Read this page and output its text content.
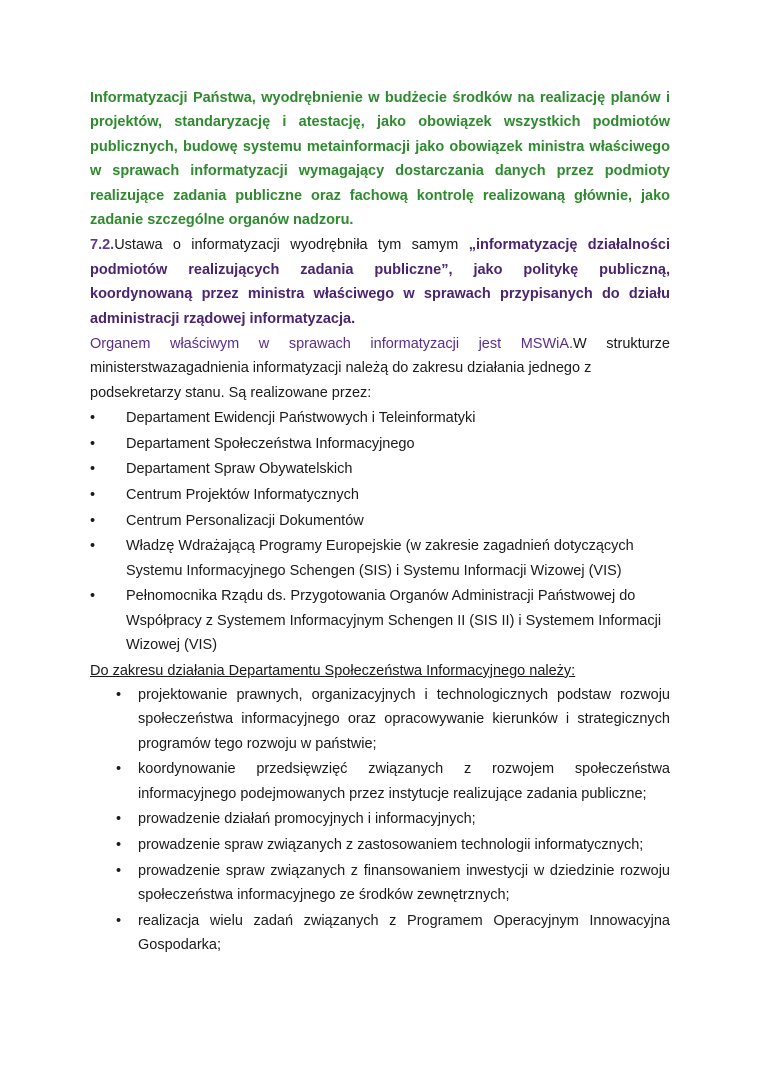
Informatyzacji Państwa, wyodrębnienie w budżecie środków na realizację planów i projektów, standaryzację i atestację, jako obowiązek wszystkich podmiotów publicznych, budowę systemu metainformacji jako obowiązek ministra właściwego w sprawach informatyzacji wymagający dostarczania danych przez podmioty realizujące zadania publiczne oraz fachową kontrolę realizowaną głównie, jako zadanie szczególne organów nadzoru.

7.2.Ustawa o informatyzacji wyodrębniła tym samym „informatyzację działalności podmiotów realizujących zadania publiczne”, jako politykę publiczną, koordynowaną przez ministra właściwego w sprawach przypisanych do działu administracji rządowej informatyzacja.

Organem właściwym w sprawach informatyzacji jest MSWiA.W strukturze

ministerstwazagadnienia informatyzacji należą do zakresu działania jednego z podsekretarzy stanu. Są realizowane przez:

• Departament Ewidencji Państwowych i Teleinformatyki
• Departament Społeczeństwa Informacyjnego
• Departament Spraw Obywatelskich
• Centrum Projektów Informatycznych
• Centrum Personalizacji Dokumentów
• Władzę Wdrażającą Programy Europejskie (w zakresie zagadnień dotyczących Systemu Informacyjnego Schengen (SIS) i Systemu Informacji Wizowej (VIS)
• Pełnomocnika Rządu ds. Przygotowania Organów Administracji Państwowej do Współpracy z Systemem Informacyjnym Schengen II (SIS II) i Systemem Informacji Wizowej (VIS)

Do zakresu działania Departamentu Społeczeństwa Informacyjnego należy:

• projektowanie prawnych, organizacyjnych i technologicznych podstaw rozwoju społeczeństwa informacyjnego oraz opracowywanie kierunków i strategicznych programów tego rozwoju w państwie;
• koordynowanie przedsięwzięć związanych z rozwojem społeczeństwa informacyjnego podejmowanych przez instytucje realizujące zadania publiczne;
• prowadzenie działań promocyjnych i informacyjnych;
• prowadzenie spraw związanych z zastosowaniem technologii informatycznych;
• prowadzenie spraw związanych z finansowaniem inwestycji w dziedzinie rozwoju społeczeństwa informacyjnego ze środków zewnętrznych;
• realizacja wielu zadań związanych z Programem Operacyjnym Innowacyjna Gospodarka;
